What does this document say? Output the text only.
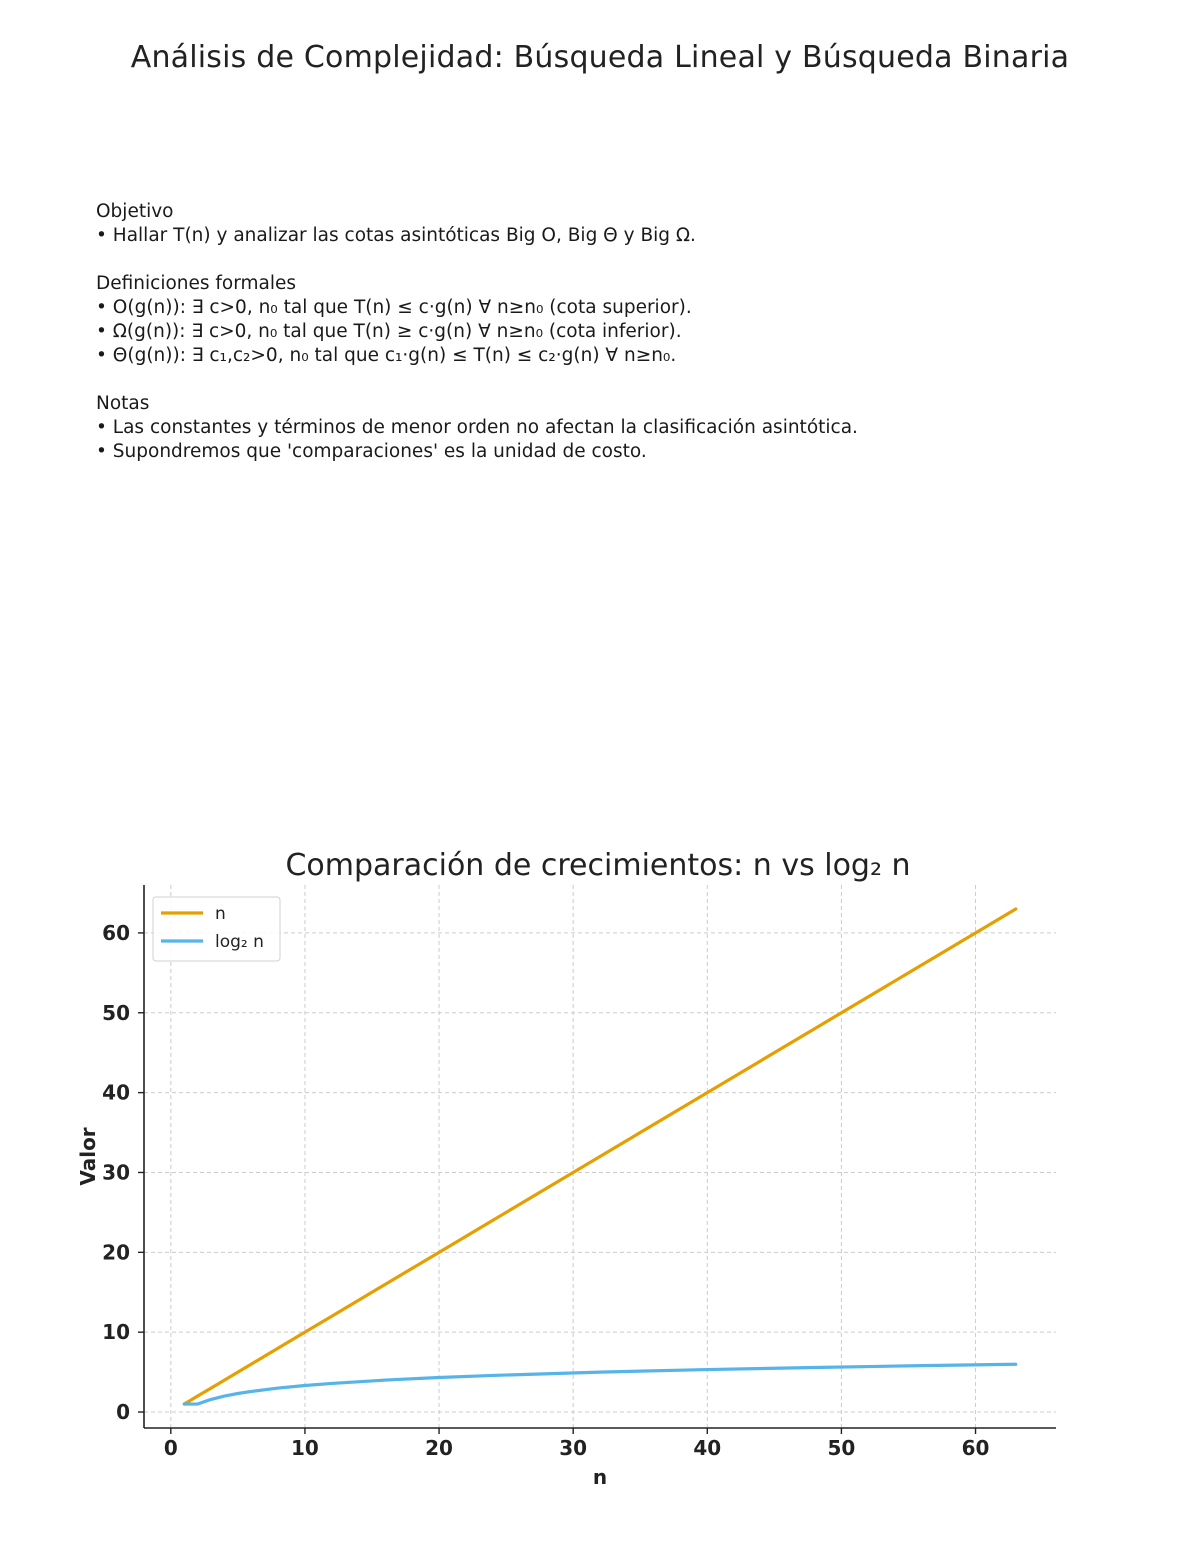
Análisis de Complejidad: Búsqueda Lineal y Búsqueda Binaria
Objetivo
• Hallar T(n) y analizar las cotas asintóticas Big O, Big Θ y Big Ω.
Definiciones formales
• O(g(n)): ∃ c>0, n₀ tal que T(n) ≤ c·g(n) ∀ n≥n₀ (cota superior).
• Ω(g(n)): ∃ c>0, n₀ tal que T(n) ≥ c·g(n) ∀ n≥n₀ (cota inferior).
• Θ(g(n)): ∃ c₁,c₂>0, n₀ tal que c₁·g(n) ≤ T(n) ≤ c₂·g(n) ∀ n≥n₀.
Notas
• Las constantes y términos de menor orden no afectan la clasificación asintótica.
• Supondremos que 'comparaciones' es la unidad de costo.
Comparación de crecimientos: n vs log₂ n
0	10	20	30	40	50	60
0
10
20
30
40
50
60
n
Valor
n
log₂ n
